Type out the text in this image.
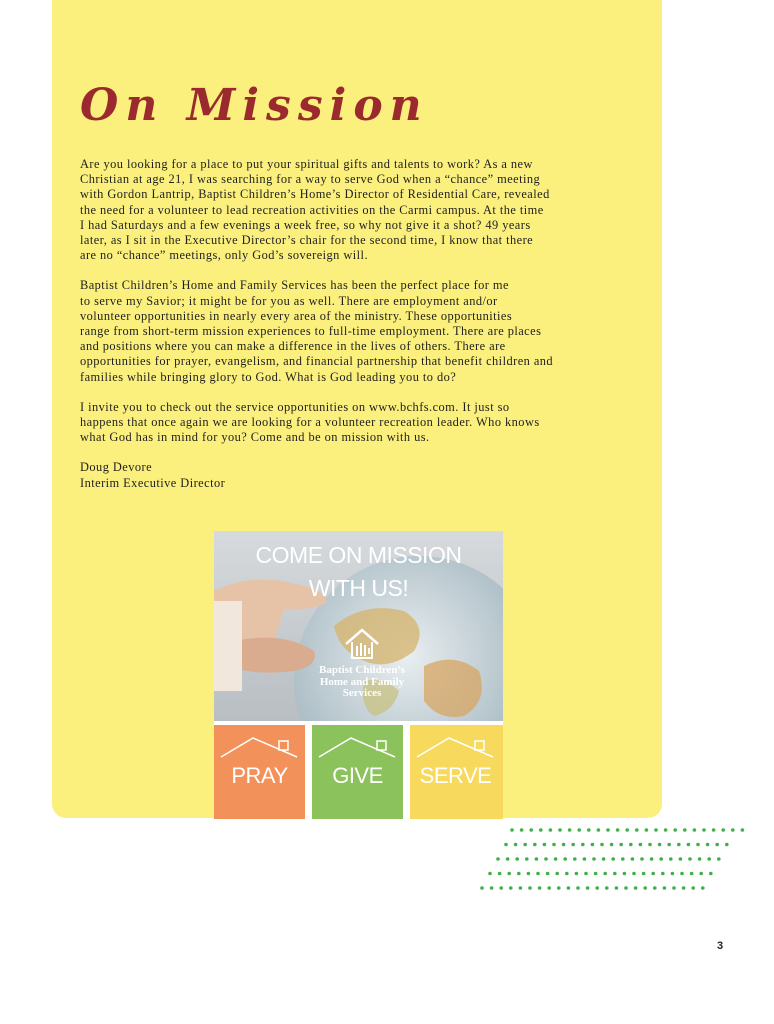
On Mission

Are you looking for a place to put your spiritual gifts and talents to work? As a new
Christian at age 21, I was searching for a way to serve God when a “chance” meeting
with Gordon Lantrip, Baptist Children’s Home’s Director of Residential Care, revealed
the need for a volunteer to lead recreation activities on the Carmi campus. At the time
I had Saturdays and a few evenings a week free, so why not give it a shot? 49 years
later, as I sit in the Executive Director’s chair for the second time, I know that there
are no “chance” meetings, only God’s sovereign will.

Baptist Children’s Home and Family Services has been the perfect place for me
to serve my Savior; it might be for you as well. There are employment and/or
volunteer opportunities in nearly every area of the ministry. These opportunities
range from short-term mission experiences to full-time employment. There are places
and positions where you can make a difference in the lives of others. There are
opportunities for prayer, evangelism, and financial partnership that benefit children and
families while bringing glory to God. What is God leading you to do?

I invite you to check out the service opportunities on www.bchfs.com. It just so
happens that once again we are looking for a volunteer recreation leader. Who knows
what God has in mind for you? Come and be on mission with us.

Doug Devore
Interim Executive Director

COME ON MISSION
WITH US!
Baptist Children’s
Home and Family
Services
PRAY	GIVE	SERVE
3
